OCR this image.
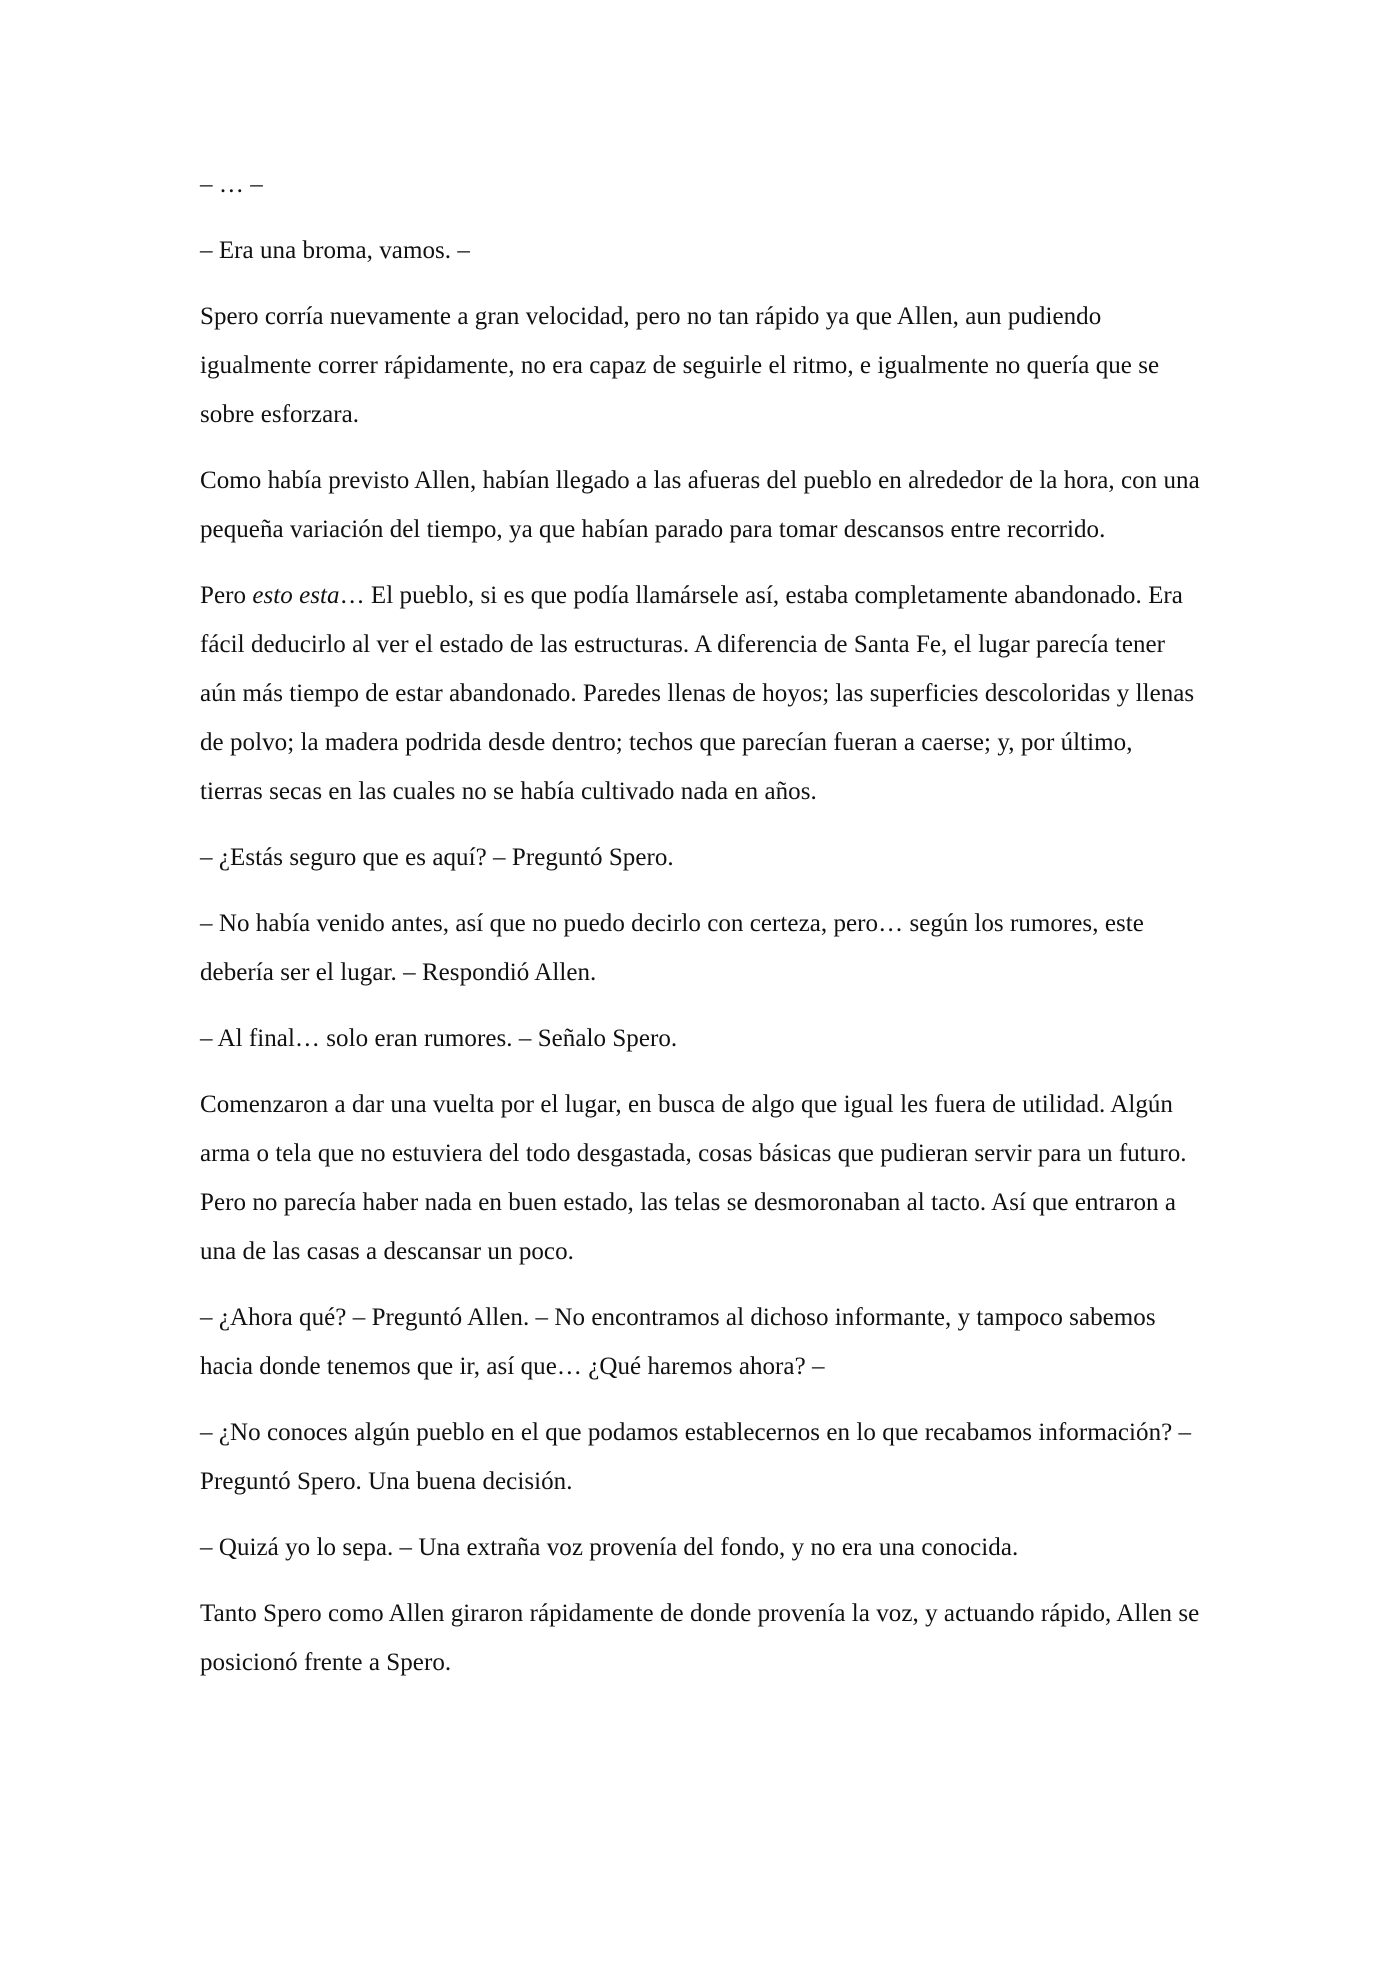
– … –

– Era una broma, vamos. –

Spero corría nuevamente a gran velocidad, pero no tan rápido ya que Allen, aun pudiendo igualmente correr rápidamente, no era capaz de seguirle el ritmo, e igualmente no quería que se sobre esforzara.

Como había previsto Allen, habían llegado a las afueras del pueblo en alrededor de la hora, con una pequeña variación del tiempo, ya que habían parado para tomar descansos entre recorrido.

Pero esto esta… El pueblo, si es que podía llamársele así, estaba completamente abandonado. Era fácil deducirlo al ver el estado de las estructuras. A diferencia de Santa Fe, el lugar parecía tener aún más tiempo de estar abandonado. Paredes llenas de hoyos; las superficies descoloridas y llenas de polvo; la madera podrida desde dentro; techos que parecían fueran a caerse; y, por último, tierras secas en las cuales no se había cultivado nada en años.

– ¿Estás seguro que es aquí? – Preguntó Spero.

– No había venido antes, así que no puedo decirlo con certeza, pero… según los rumores, este debería ser el lugar. – Respondió Allen.

– Al final… solo eran rumores. – Señalo Spero.

Comenzaron a dar una vuelta por el lugar, en busca de algo que igual les fuera de utilidad. Algún arma o tela que no estuviera del todo desgastada, cosas básicas que pudieran servir para un futuro. Pero no parecía haber nada en buen estado, las telas se desmoronaban al tacto. Así que entraron a una de las casas a descansar un poco.

– ¿Ahora qué? – Preguntó Allen. – No encontramos al dichoso informante, y tampoco sabemos hacia donde tenemos que ir, así que… ¿Qué haremos ahora? –

– ¿No conoces algún pueblo en el que podamos establecernos en lo que recabamos información? – Preguntó Spero. Una buena decisión.

– Quizá yo lo sepa. – Una extraña voz provenía del fondo, y no era una conocida.

Tanto Spero como Allen giraron rápidamente de donde provenía la voz, y actuando rápido, Allen se posicionó frente a Spero.
